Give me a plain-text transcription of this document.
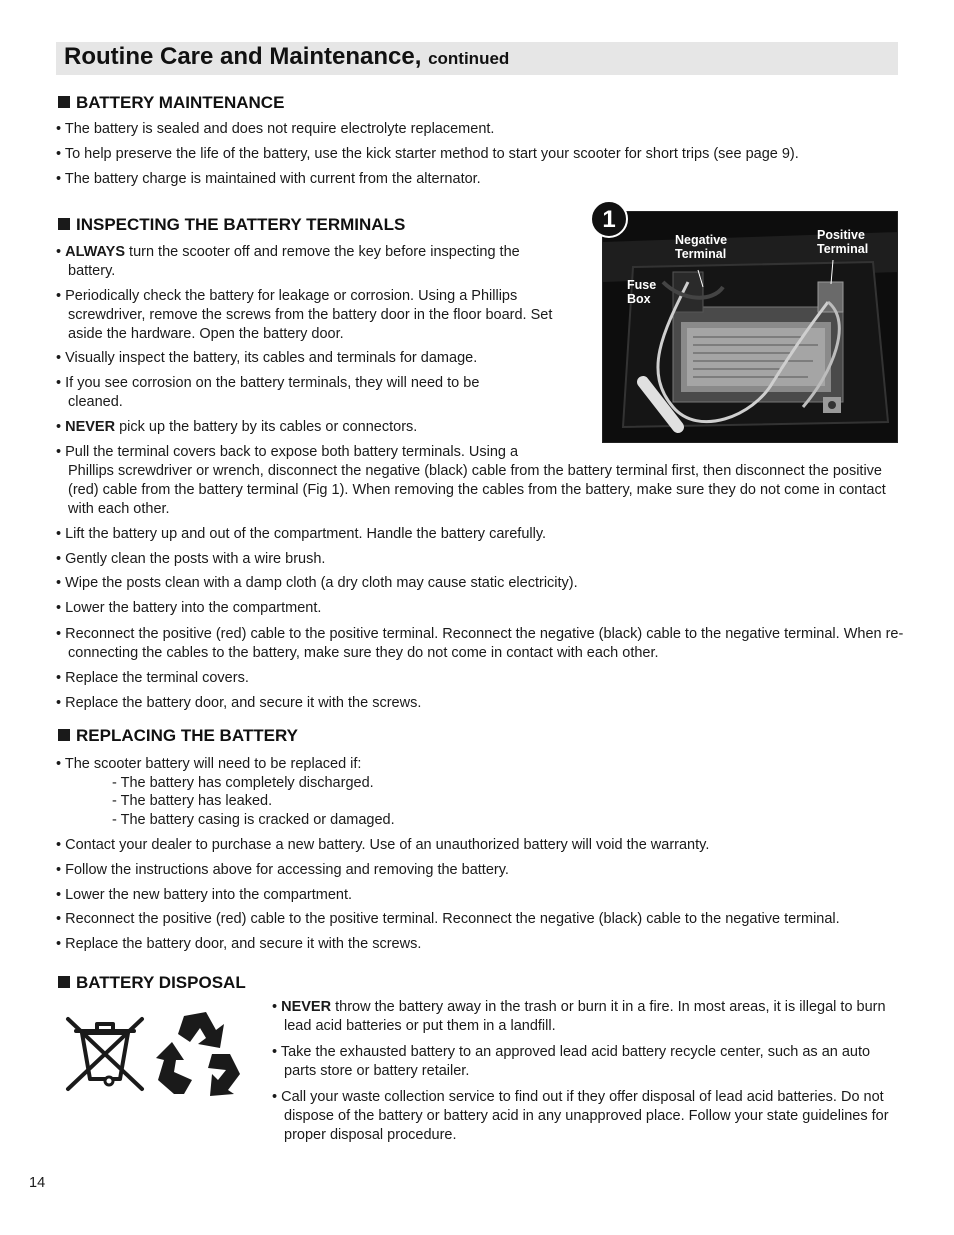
Routine Care and Maintenance, continued
BATTERY MAINTENANCE
• The battery is sealed and does not require electrolyte replacement.
• To help preserve the life of the battery, use the kick starter method to start your scooter for short trips (see page 9).
• The battery charge is maintained with current from the alternator.
INSPECTING THE BATTERY TERMINALS
• ALWAYS turn the scooter off and remove the key before inspecting the battery.
• Periodically check the battery for leakage or corrosion. Using a Phillips screwdriver, remove the screws from the battery door in the floor board. Set aside the hardware. Open the battery door.
• Visually inspect the battery, its cables and terminals for damage.
• If you see corrosion on the battery terminals, they will need to be cleaned.
• NEVER pick up the battery by its cables or connectors.
• Pull the terminal covers back to expose both battery terminals. Using a
Phillips screwdriver or wrench, disconnect the negative (black) cable from the battery terminal first, then disconnect the positive (red) cable from the battery terminal (Fig 1). When removing the cables from the battery, make sure they do not come in contact with each other.
• Lift the battery up and out of the compartment. Handle the battery carefully.
• Gently clean the posts with a wire brush.
• Wipe the posts clean with a damp cloth (a dry cloth may cause static electricity).
• Lower the battery into the compartment.
• Reconnect the positive (red) cable to the positive terminal. Reconnect the negative (black) cable to the negative terminal. When re-connecting the cables to the battery, make sure they do not come in contact with each other.
• Replace the terminal covers.
• Replace the battery door, and secure it with the screws.
1
Negative
Terminal
Positive
Terminal
Fuse
Box
REPLACING THE BATTERY
• The scooter battery will need to be replaced if:
- The battery has completely discharged.
- The battery has leaked.
- The battery casing is cracked or damaged.
• Contact your dealer to purchase a new battery. Use of an unauthorized battery will void the warranty.
• Follow the instructions above for accessing and removing the battery.
• Lower the new battery into the compartment.
• Reconnect the positive (red) cable to the positive terminal. Reconnect the negative (black) cable to the negative terminal.
• Replace the battery door, and secure it with the screws.
BATTERY DISPOSAL
• NEVER throw the battery away in the trash or burn it in a fire. In most areas, it is illegal to burn lead acid batteries or put them in a landfill.
• Take the exhausted battery to an approved lead acid battery recycle center, such as an auto parts store or battery retailer.
• Call your waste collection service to find out if they offer disposal of lead acid batteries. Do not dispose of the battery or battery acid in any unapproved place. Follow your state guidelines for proper disposal procedure.
14
